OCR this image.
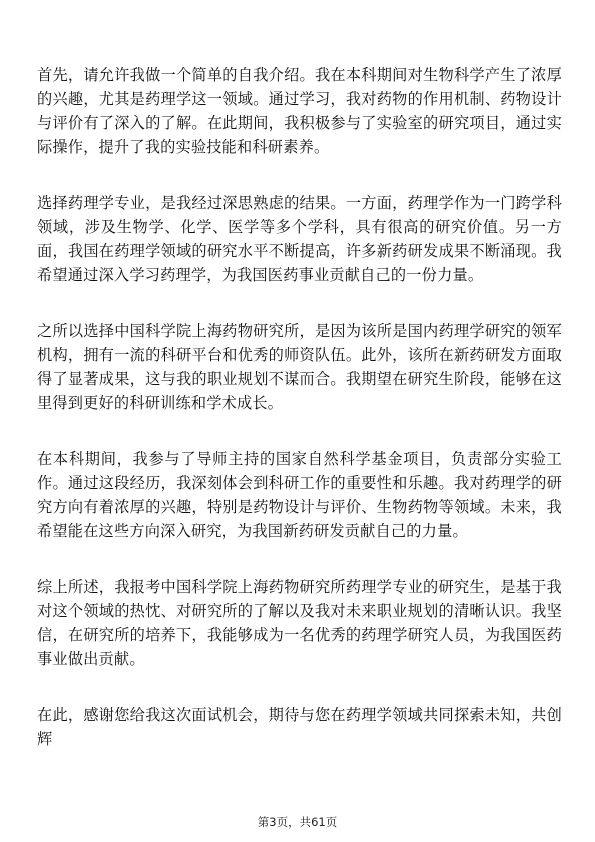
首先，请允许我做一个简单的自我介绍。我在本科期间对生物科学产生了浓厚的兴趣，尤其是药理学这一领域。通过学习，我对药物的作用机制、药物设计与评价有了深入的了解。在此期间，我积极参与了实验室的研究项目，通过实际操作，提升了我的实验技能和科研素养。

选择药理学专业，是我经过深思熟虑的结果。一方面，药理学作为一门跨学科领域，涉及生物学、化学、医学等多个学科，具有很高的研究价值。另一方面，我国在药理学领域的研究水平不断提高，许多新药研发成果不断涌现。我希望通过深入学习药理学，为我国医药事业贡献自己的一份力量。

之所以选择中国科学院上海药物研究所，是因为该所是国内药理学研究的领军机构，拥有一流的科研平台和优秀的师资队伍。此外，该所在新药研发方面取得了显著成果，这与我的职业规划不谋而合。我期望在研究生阶段，能够在这里得到更好的科研训练和学术成长。

在本科期间，我参与了导师主持的国家自然科学基金项目，负责部分实验工作。通过这段经历，我深刻体会到科研工作的重要性和乐趣。我对药理学的研究方向有着浓厚的兴趣，特别是药物设计与评价、生物药物等领域。未来，我希望能在这些方向深入研究，为我国新药研发贡献自己的力量。

综上所述，我报考中国科学院上海药物研究所药理学专业的研究生，是基于我对这个领域的热忱、对研究所的了解以及我对未来职业规划的清晰认识。我坚信，在研究所的培养下，我能够成为一名优秀的药理学研究人员，为我国医药事业做出贡献。

在此，感谢您给我这次面试机会，期待与您在药理学领域共同探索未知，共创辉

第3页，共61页
